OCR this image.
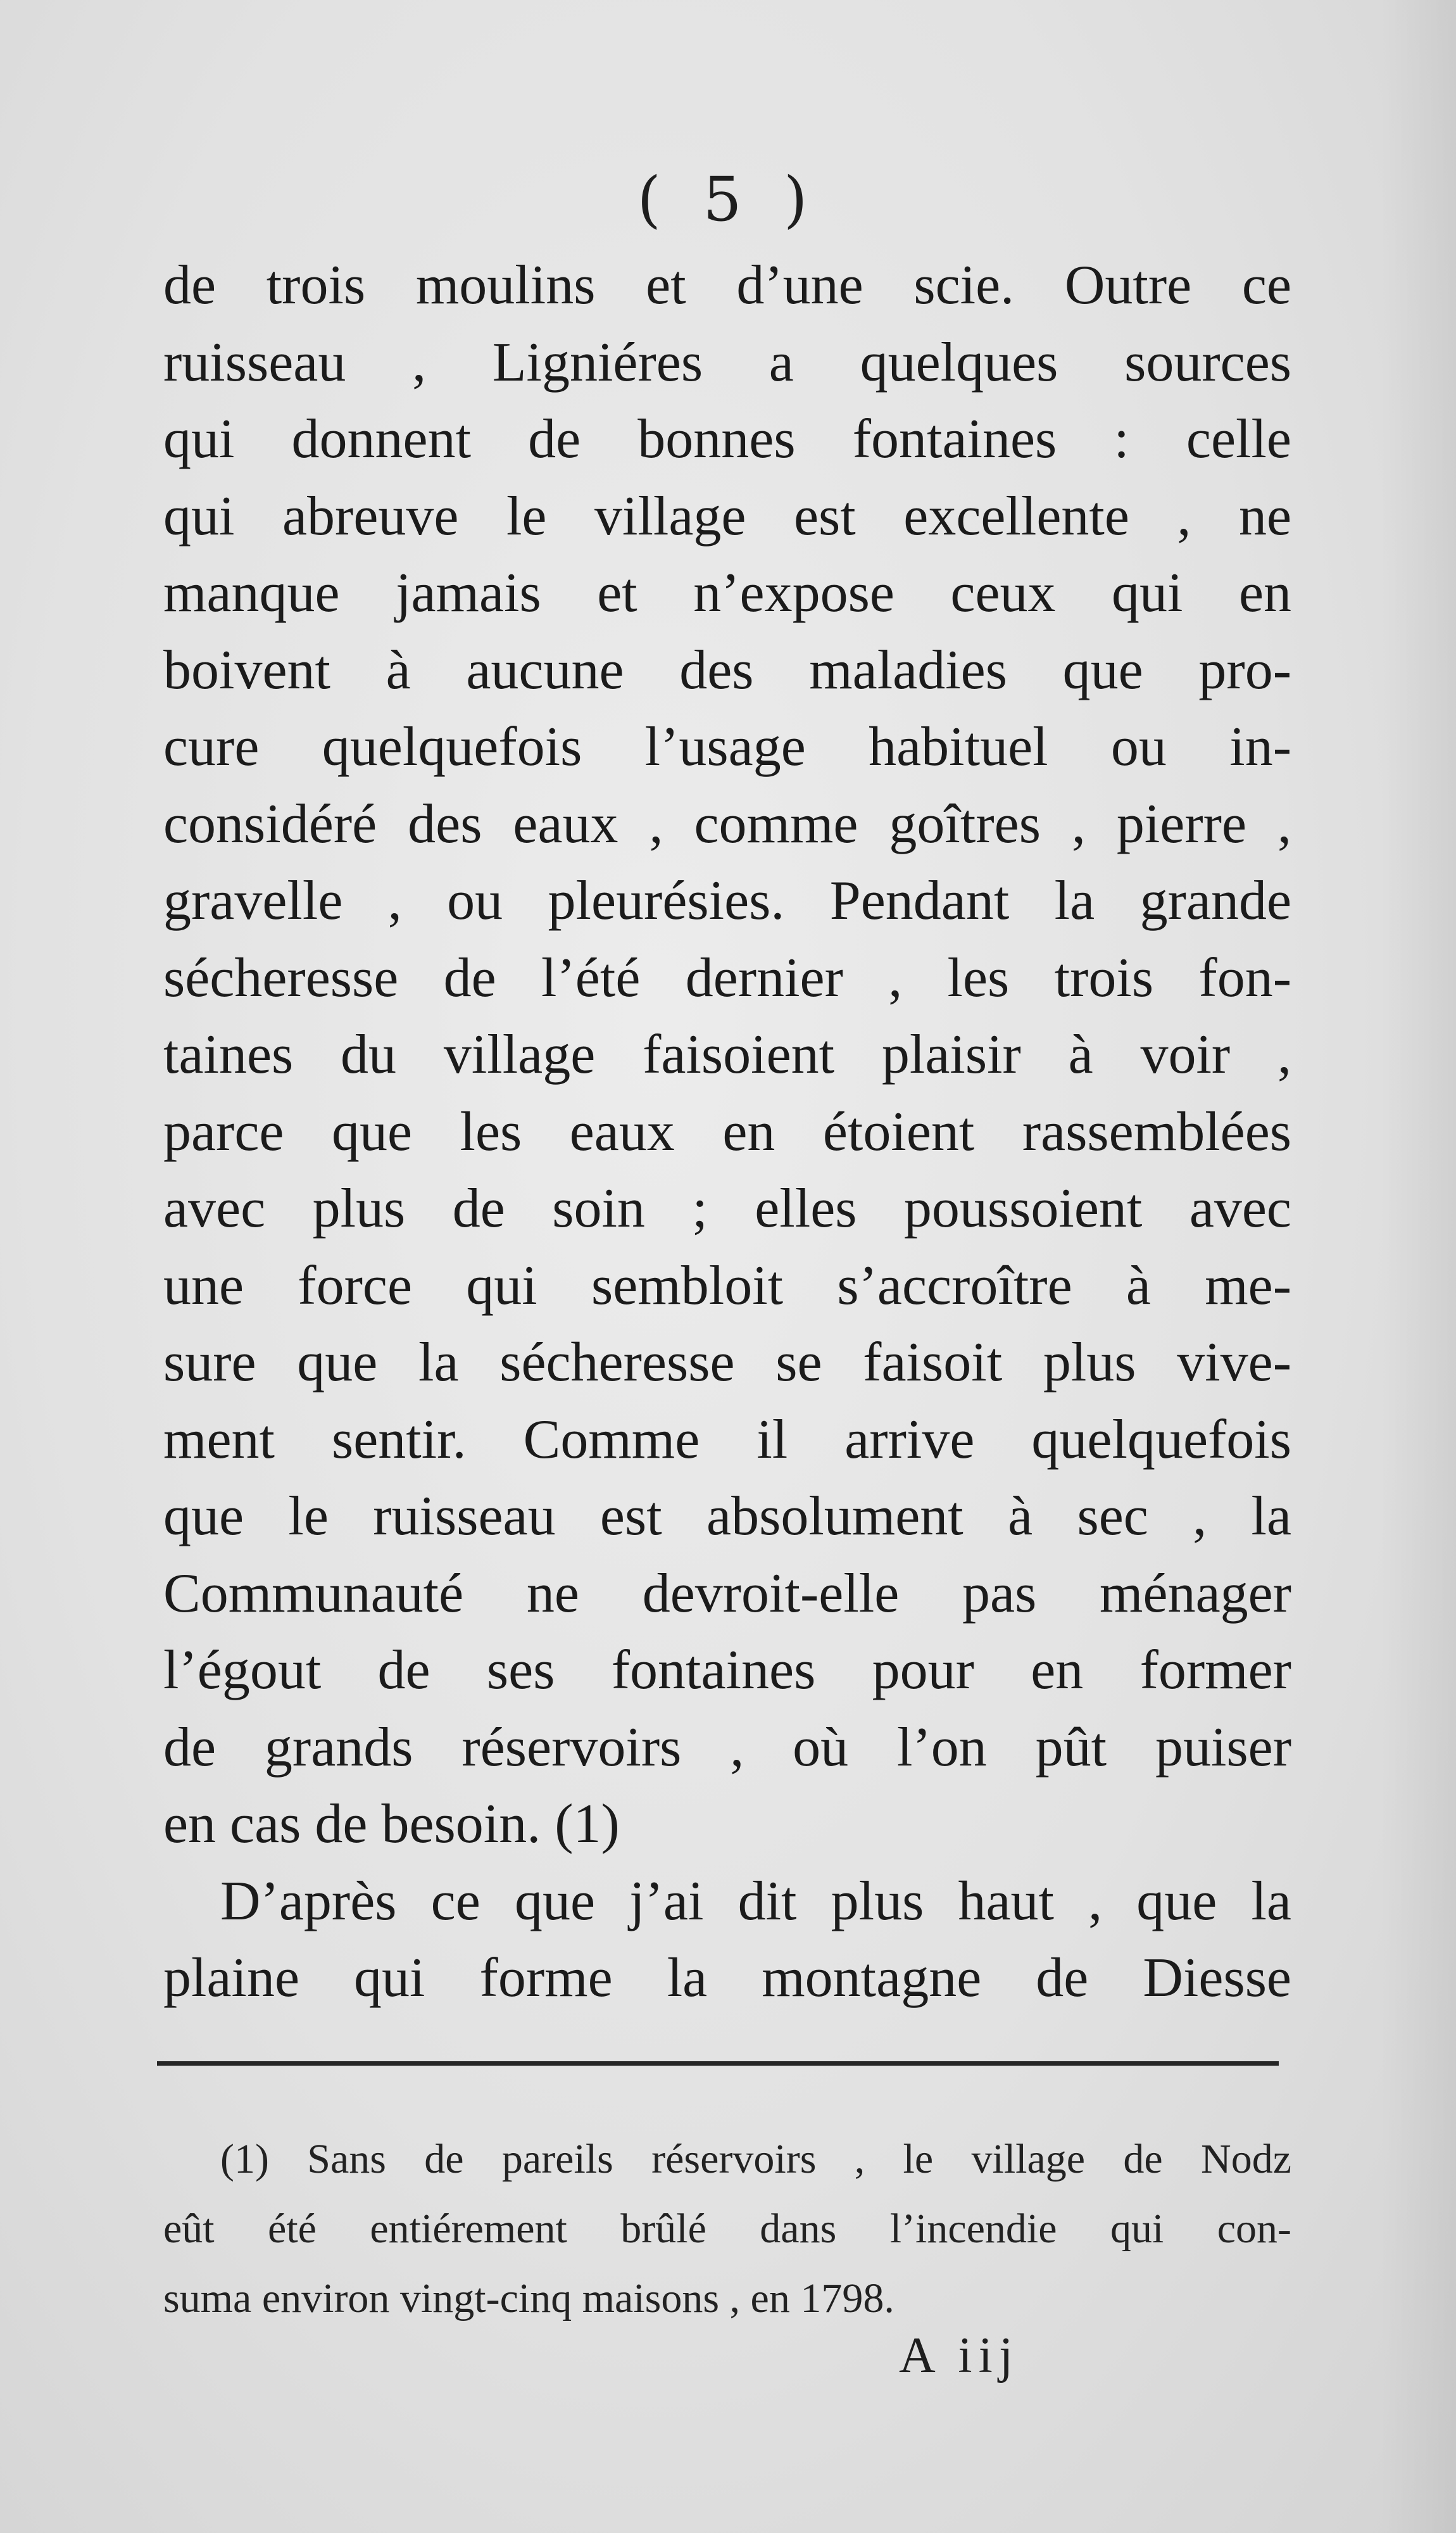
( 5 )
de trois moulins et d’une scie. Outre ce
ruisseau , Ligniéres a quelques sources
qui donnent de bonnes fontaines : celle
qui abreuve le village est excellente , ne
manque jamais et n’expose ceux qui en
boivent à aucune des maladies que pro-
cure quelquefois l’usage habituel ou in-
considéré des eaux , comme goîtres , pierre ,
gravelle , ou pleurésies. Pendant la grande
sécheresse de l’été dernier , les trois fon-
taines du village faisoient plaisir à voir ,
parce que les eaux en étoient rassemblées
avec plus de soin ; elles poussoient avec
une force qui sembloit s’accroître à me-
sure que la sécheresse se faisoit plus vive-
ment sentir. Comme il arrive quelquefois
que le ruisseau est absolument à sec , la
Communauté ne devroit-elle pas ménager
l’égout de ses fontaines pour en former
de grands réservoirs , où l’on pût puiser
en cas de besoin. (1)
D’après ce que j’ai dit plus haut , que la
plaine qui forme la montagne de Diesse
(1) Sans de pareils réservoirs , le village de Nodz
eût été entiérement brûlé dans l’incendie qui con-
suma environ vingt-cinq maisons , en 1798.
A iij
